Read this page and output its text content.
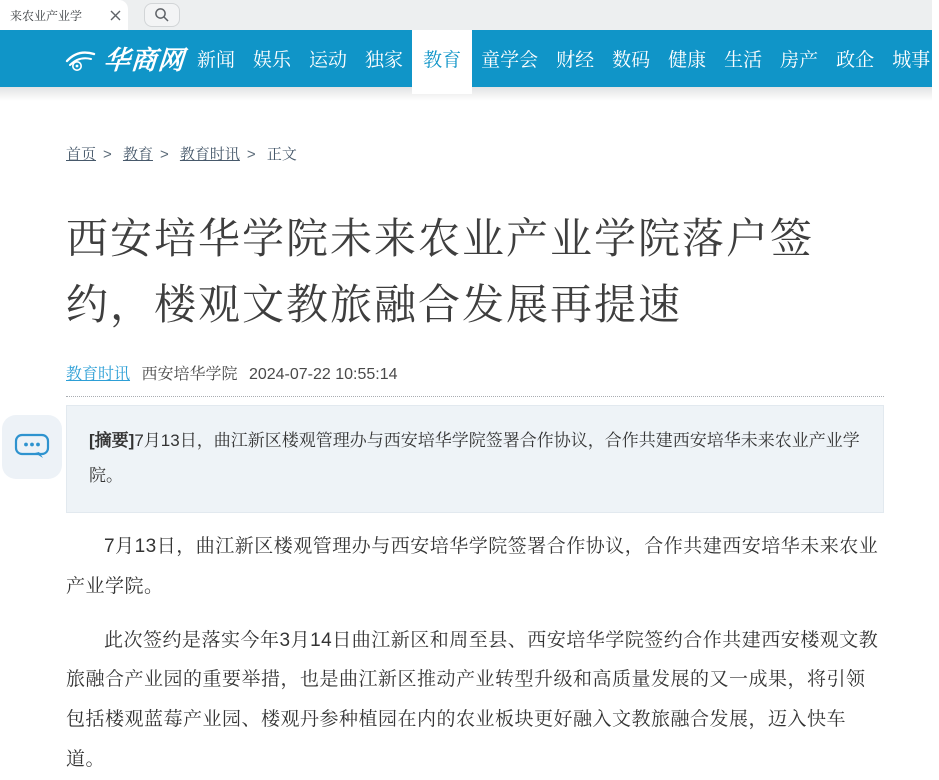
来农业产业学
华商网 新闻 娱乐 运动 独家	教育	童学会 财经 数码 健康 生活 房产 政企 城事
首页 > 教育 > 教育时讯 > 正文
西安培华学院未来农业产业学院落户签约，楼观文教旅融合发展再提速
教育时讯 西安培华学院 2024-07-22 10:55:14
[摘要]7月13日，曲江新区楼观管理办与西安培华学院签署合作协议，合作共建西安培华未来农业产业学院。

7月13日，曲江新区楼观管理办与西安培华学院签署合作协议，合作共建西安培华未来农业产业学院。

此次签约是落实今年3月14日曲江新区和周至县、西安培华学院签约合作共建西安楼观文教旅融合产业园的重要举措，也是曲江新区推动产业转型升级和高质量发展的又一成果，将引领包括楼观蓝莓产业园、楼观丹参种植园在内的农业板块更好融入文教旅融合发展，迈入快车道。
